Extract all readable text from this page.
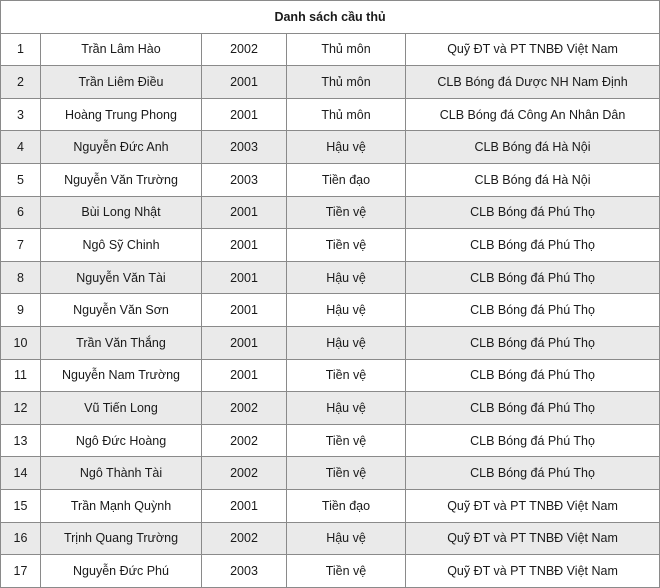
Danh sách cầu thủ				
1	Trần Lâm Hào	2002	Thủ môn	Quỹ ĐT và PT TNBĐ Việt Nam
2	Trần Liêm Điều	2001	Thủ môn	CLB Bóng đá Dược NH Nam Định
3	Hoàng Trung Phong	2001	Thủ môn	CLB Bóng đá Công An Nhân Dân
4	Nguyễn Đức Anh	2003	Hậu vệ	CLB Bóng đá Hà Nội
5	Nguyễn Văn Trường	2003	Tiền đạo	CLB Bóng đá Hà Nội
6	Bùi Long Nhật	2001	Tiền vệ	CLB Bóng đá Phú Thọ
7	Ngô Sỹ Chinh	2001	Tiền vệ	CLB Bóng đá Phú Thọ
8	Nguyễn Văn Tài	2001	Hậu vệ	CLB Bóng đá Phú Thọ
9	Nguyễn Văn Sơn	2001	Hậu vệ	CLB Bóng đá Phú Thọ
10	Trần Văn Thắng	2001	Hậu vệ	CLB Bóng đá Phú Thọ
11	Nguyễn Nam Trường	2001	Tiền vệ	CLB Bóng đá Phú Thọ
12	Vũ Tiến Long	2002	Hậu vệ	CLB Bóng đá Phú Thọ
13	Ngô Đức Hoàng	2002	Tiền vệ	CLB Bóng đá Phú Thọ
14	Ngô Thành Tài	2002	Tiền vệ	CLB Bóng đá Phú Thọ
15	Trần Mạnh Quỳnh	2001	Tiền đạo	Quỹ ĐT và PT TNBĐ Việt Nam
16	Trịnh Quang Trường	2002	Hậu vệ	Quỹ ĐT và PT TNBĐ Việt Nam
17	Nguyễn Đức Phú	2003	Tiền vệ	Quỹ ĐT và PT TNBĐ Việt Nam
